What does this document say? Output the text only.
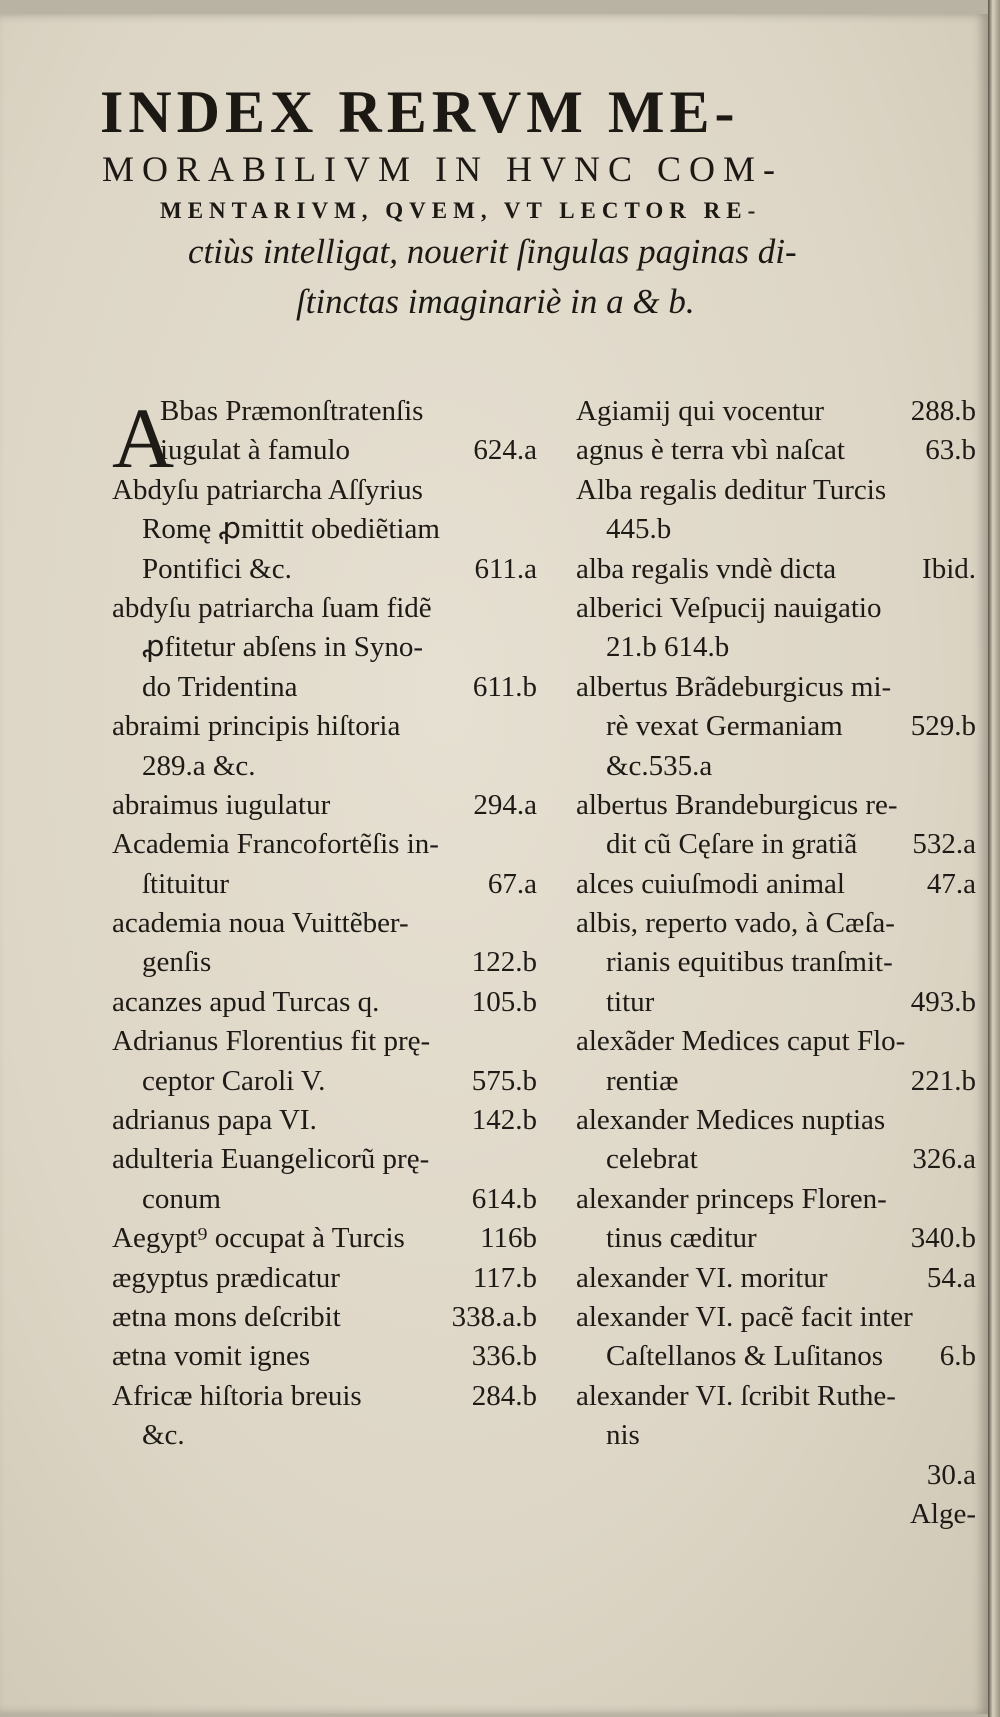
INDEX RERVM ME-
MORABILIVM IN HVNC COM-
MENTARIVM, QVEM, VT LECTOR RE-
ctiùs intelligat, nouerit ſingulas paginas di-
ſtinctas imaginariè in a & b.
A
Bbas Præmonſtratenſis
iugulat à famulo	624.a
Abdyſu patriarcha Aſſyrius
Romę ꝓmittit obediẽtiam
Pontifici &c.	611.a
abdyſu patriarcha ſuam fidẽ
ꝓfitetur abſens in Syno-
do Tridentina	611.b
abraimi principis hiſtoria
289.a &c.
abraimus iugulatur	294.a
Academia Francofortẽſis in-
ſtituitur	67.a
academia noua Vuittẽber-
genſis	122.b
acanzes apud Turcas q.	105.b
Adrianus Florentius fit prę-
ceptor Caroli V.	575.b
adrianus papa VI.	142.b
adulteria Euangelicorũ prę-
conum	614.b
Aegypt⁹ occupat à Turcis	116b
ægyptus prædicatur	117.b
ætna mons deſcribit	338.a.b
ætna vomit ignes	336.b
Africæ hiſtoria breuis	284.b
&c.
Agiamij qui vocentur	288.b
agnus è terra vbì naſcat	63.b
Alba regalis deditur Turcis
445.b
alba regalis vndè dicta	Ibid.
alberici Veſpucij nauigatio
21.b 614.b
albertus Brãdeburgicus mi-
rè vexat Germaniam 529.b
&c.535.a
albertus Brandeburgicus re-
dit cũ Cęſare in gratiã 532.a
alces cuiuſmodi animal	47.a
albis, reperto vado, à Cæſa-
rianis equitibus tranſmit-
titur	493.b
alexãder Medices caput Flo-
rentiæ	221.b
alexander Medices nuptias
celebrat	326.a
alexander princeps Floren-
tinus cæditur	340.b
alexander VI. moritur	54.a
alexander VI. pacẽ facit inter
Caſtellanos & Luſitanos 6.b
alexander VI. ſcribit Ruthe-
nis
30.a
Alge-
